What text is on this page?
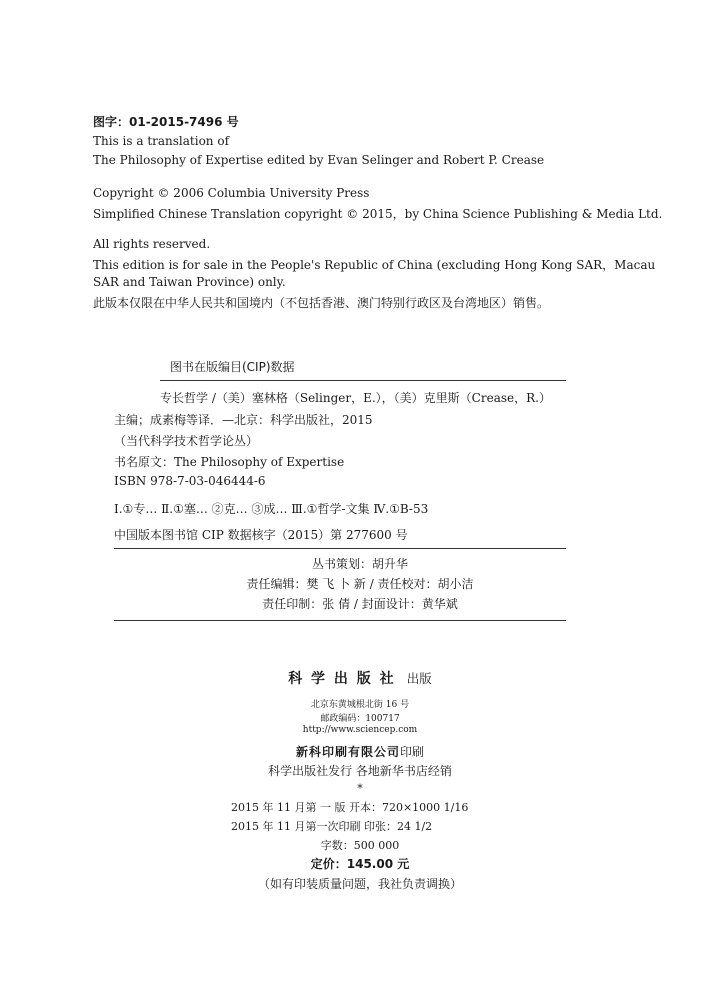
图字：01-2015-7496 号
This is a translation of
The Philosophy of Expertise edited by Evan Selinger and Robert P. Crease
Copyright © 2006 Columbia University Press
Simplified Chinese Translation copyright © 2015，by China Science Publishing & Media Ltd.
All rights reserved.
This edition is for sale in the People's Republic of China (excluding Hong Kong SAR，Macau
SAR and Taiwan Province) only.
此版本仅限在中华人民共和国境内（不包括香港、澳门特别行政区及台湾地区）销售。
图书在版编目(CIP)数据
专长哲学 /（美）塞林格（Selinger，E.），（美）克里斯（Crease，R.）
主编；成素梅等译．—北京：科学出版社，2015
（当代科学技术哲学论丛）
书名原文：The Philosophy of Expertise
ISBN 978-7-03-046444-6
Ⅰ.①专… Ⅱ.①塞… ②克… ③成… Ⅲ.①哲学-文集 Ⅳ.①B-53
中国版本图书馆 CIP 数据核字（2015）第 277600 号
丛书策划：胡升华
责任编辑：樊 飞 卜 新 / 责任校对：胡小洁
责任印制：张 倩 / 封面设计：黄华斌
科 学 出 版 社 出版
北京东黄城根北街 16 号
邮政编码：100717
http://www.sciencep.com
新科印刷有限公司印刷
科学出版社发行 各地新华书店经销
*
2015 年 11 月第 一 版 开本：720×1000 1/16
2015 年 11 月第一次印刷 印张：24 1/2
字数：500 000
定价：145.00 元
（如有印装质量问题，我社负责调换）
